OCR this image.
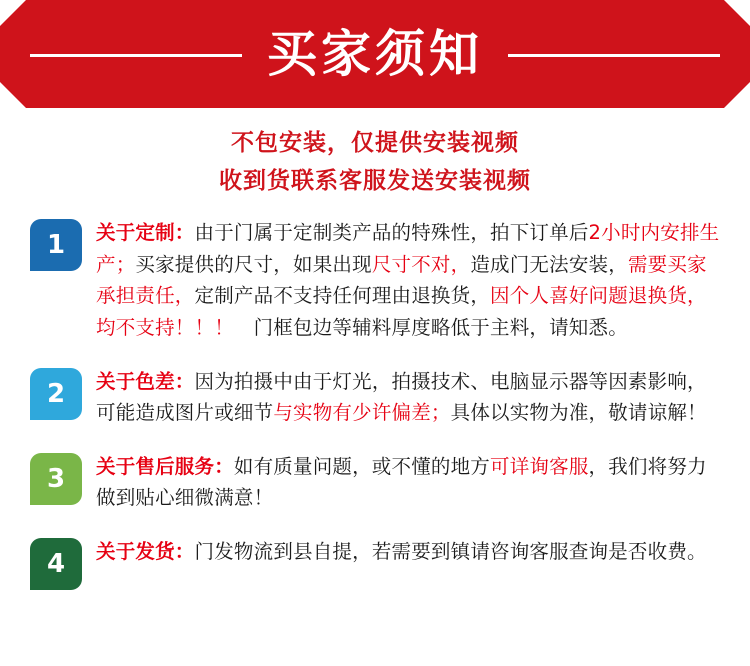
买家须知
不包安装，仅提供安装视频
收到货联系客服发送安装视频
1	关于定制：由于门属于定制类产品的特殊性，拍下订单后2小时内安排生产；买家提供的尺寸，如果出现尺寸不对，造成门无法安装，需要买家承担责任，定制产品不支持任何理由退换货，因个人喜好问题退换货，均不支持！！！　门框包边等辅料厚度略低于主料，请知悉。
2	关于色差：因为拍摄中由于灯光，拍摄技术、电脑显示器等因素影响，可能造成图片或细节与实物有少许偏差；具体以实物为准，敬请谅解！
3	关于售后服务：如有质量问题，或不懂的地方可详询客服，我们将努力做到贴心细微满意！
4	关于发货：门发物流到县自提，若需要到镇请咨询客服查询是否收费。
